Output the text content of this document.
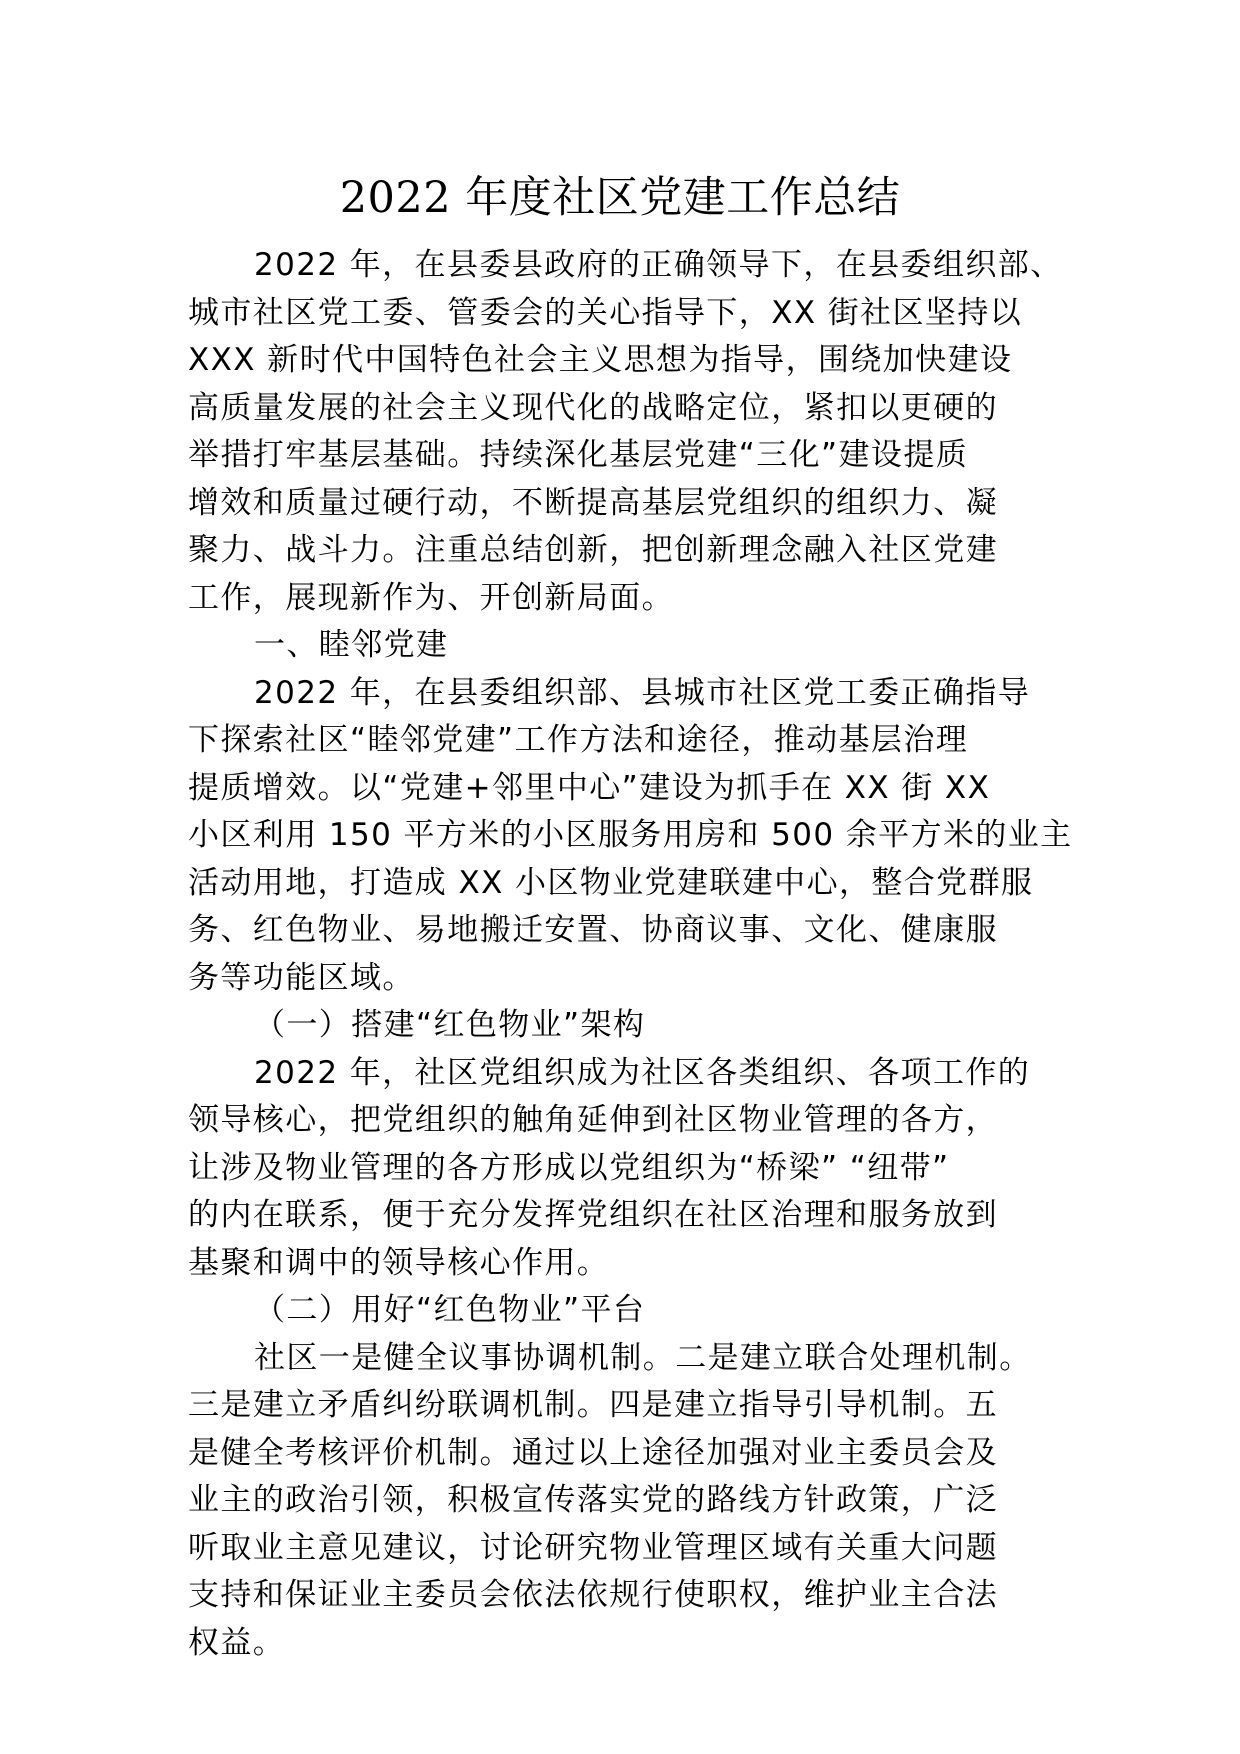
2022 年度社区党建工作总结
2022 年，在县委县政府的正确领导下，在县委组织部、
城市社区党工委、管委会的关心指导下，XX 街社区坚持以
XXX 新时代中国特色社会主义思想为指导，围绕加快建设
高质量发展的社会主义现代化的战略定位，紧扣以更硬的
举措打牢基层基础。持续深化基层党建“三化”建设提质
增效和质量过硬行动，不断提高基层党组织的组织力、凝
聚力、战斗力。注重总结创新，把创新理念融入社区党建
工作，展现新作为、开创新局面。
一、睦邻党建
2022 年，在县委组织部、县城市社区党工委正确指导
下探索社区“睦邻党建”工作方法和途径，推动基层治理
提质增效。以“党建+邻里中心”建设为抓手在 XX 街 XX
小区利用 150 平方米的小区服务用房和 500 余平方米的业主
活动用地，打造成 XX 小区物业党建联建中心，整合党群服
务、红色物业、易地搬迁安置、协商议事、文化、健康服
务等功能区域。
（一）搭建“红色物业”架构
2022 年，社区党组织成为社区各类组织、各项工作的
领导核心，把党组织的触角延伸到社区物业管理的各方，
让涉及物业管理的各方形成以党组织为“桥梁” “纽带”
的内在联系，便于充分发挥党组织在社区治理和服务放到
基聚和调中的领导核心作用。
（二）用好“红色物业”平台
社区一是健全议事协调机制。二是建立联合处理机制。
三是建立矛盾纠纷联调机制。四是建立指导引导机制。五
是健全考核评价机制。通过以上途径加强对业主委员会及
业主的政治引领，积极宣传落实党的路线方针政策，广泛
听取业主意见建议，讨论研究物业管理区域有关重大问题
支持和保证业主委员会依法依规行使职权，维护业主合法
权益。
